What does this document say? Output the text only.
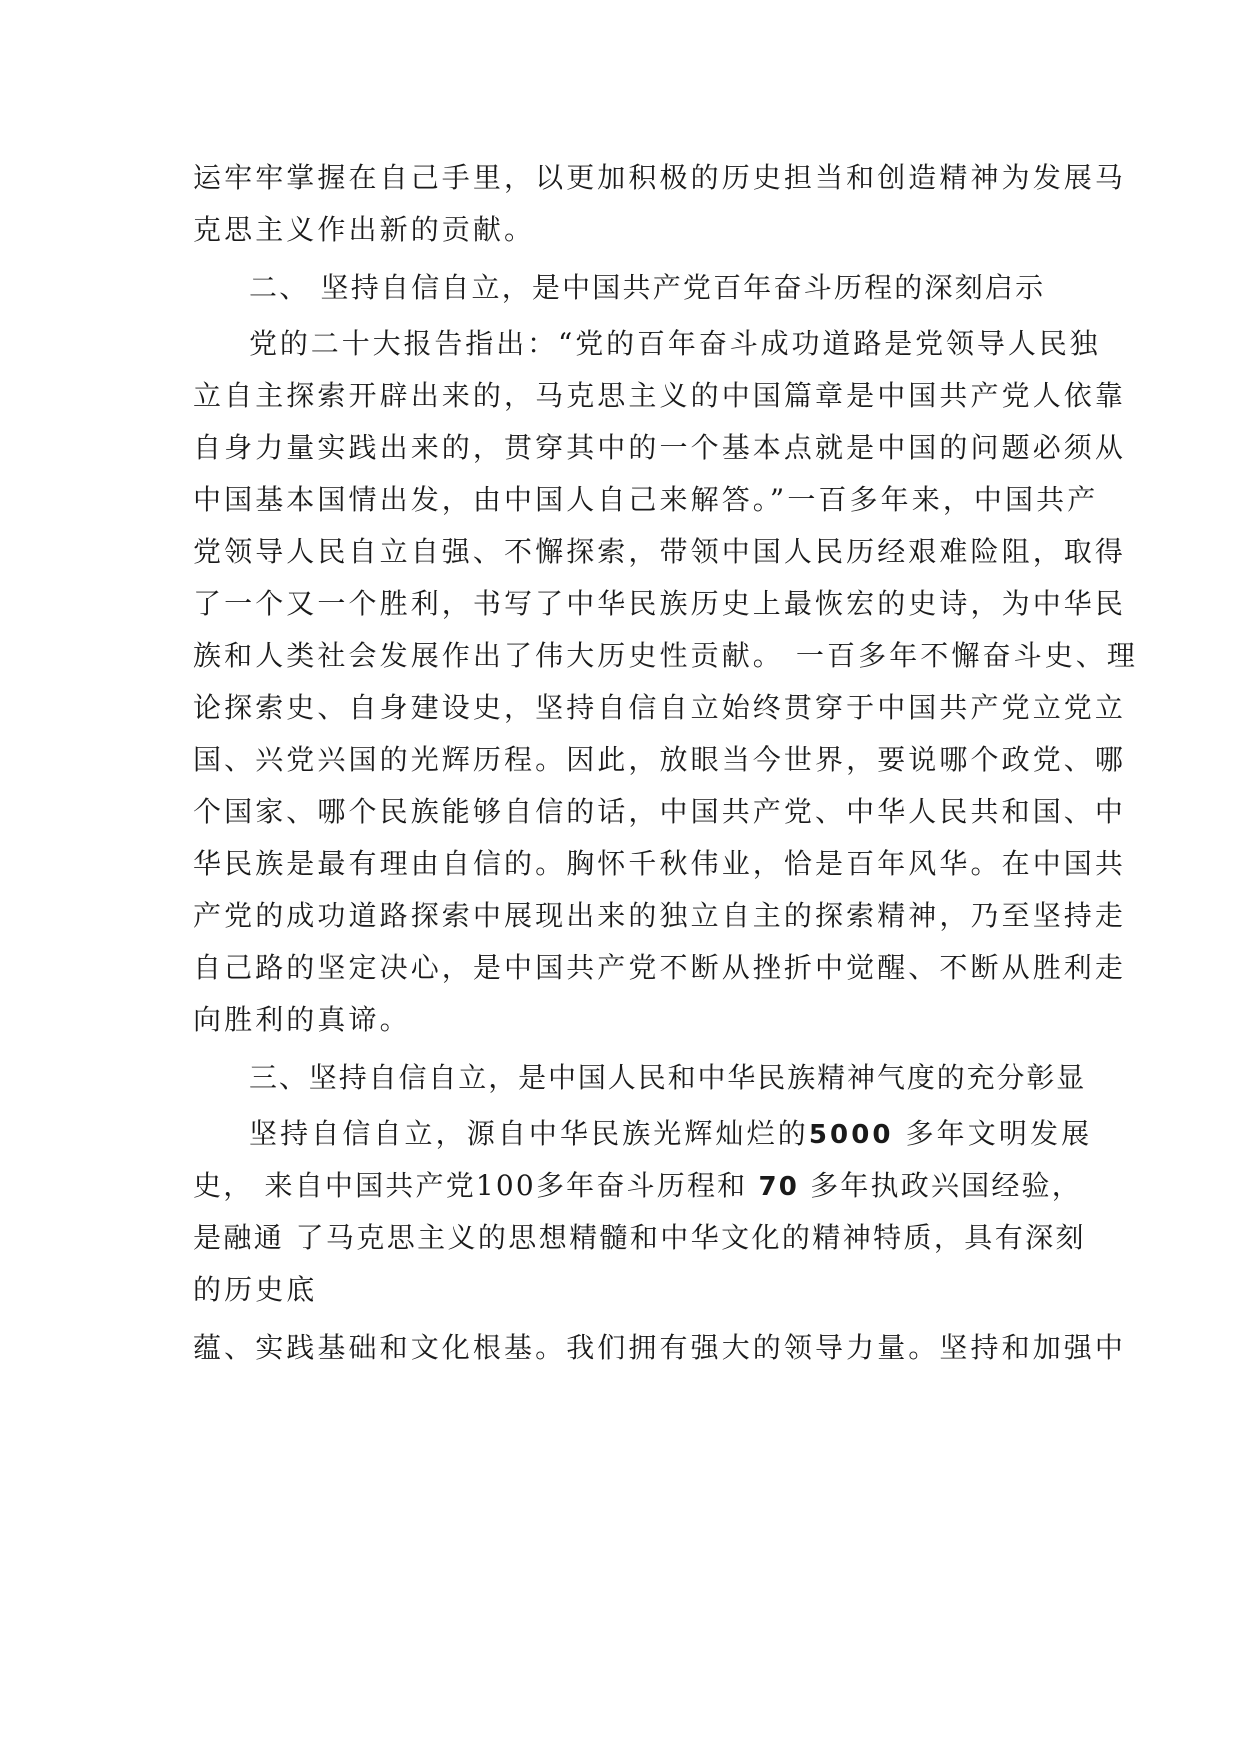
运牢牢掌握在自己手里，以更加积极的历史担当和创造精神为发展马
克思主义作出新的贡献。
二、 坚持自信自立，是中国共产党百年奋斗历程的深刻启示
党的二十大报告指出：“党的百年奋斗成功道路是党领导人民独
立自主探索开辟出来的，马克思主义的中国篇章是中国共产党人依靠
自身力量实践出来的，贯穿其中的一个基本点就是中国的问题必须从
中国基本国情出发，由中国人自己来解答。”一百多年来，中国共产
党领导人民自立自强、不懈探索，带领中国人民历经艰难险阻，取得
了一个又一个胜利，书写了中华民族历史上最恢宏的史诗，为中华民
族和人类社会发展作出了伟大历史性贡献。 一百多年不懈奋斗史、理
论探索史、自身建设史，坚持自信自立始终贯穿于中国共产党立党立
国、兴党兴国的光辉历程。因此，放眼当今世界，要说哪个政党、哪
个国家、哪个民族能够自信的话，中国共产党、中华人民共和国、中
华民族是最有理由自信的。胸怀千秋伟业，恰是百年风华。在中国共
产党的成功道路探索中展现出来的独立自主的探索精神，乃至坚持走
自己路的坚定决心，是中国共产党不断从挫折中觉醒、不断从胜利走
向胜利的真谛。
三、坚持自信自立，是中国人民和中华民族精神气度的充分彰显
坚持自信自立，源自中华民族光辉灿烂的5000 多年文明发展
史， 来自中国共产党100多年奋斗历程和 70 多年执政兴国经验，
是融通 了马克思主义的思想精髓和中华文化的精神特质，具有深刻
的历史底
蕴、实践基础和文化根基。我们拥有强大的领导力量。坚持和加强中
